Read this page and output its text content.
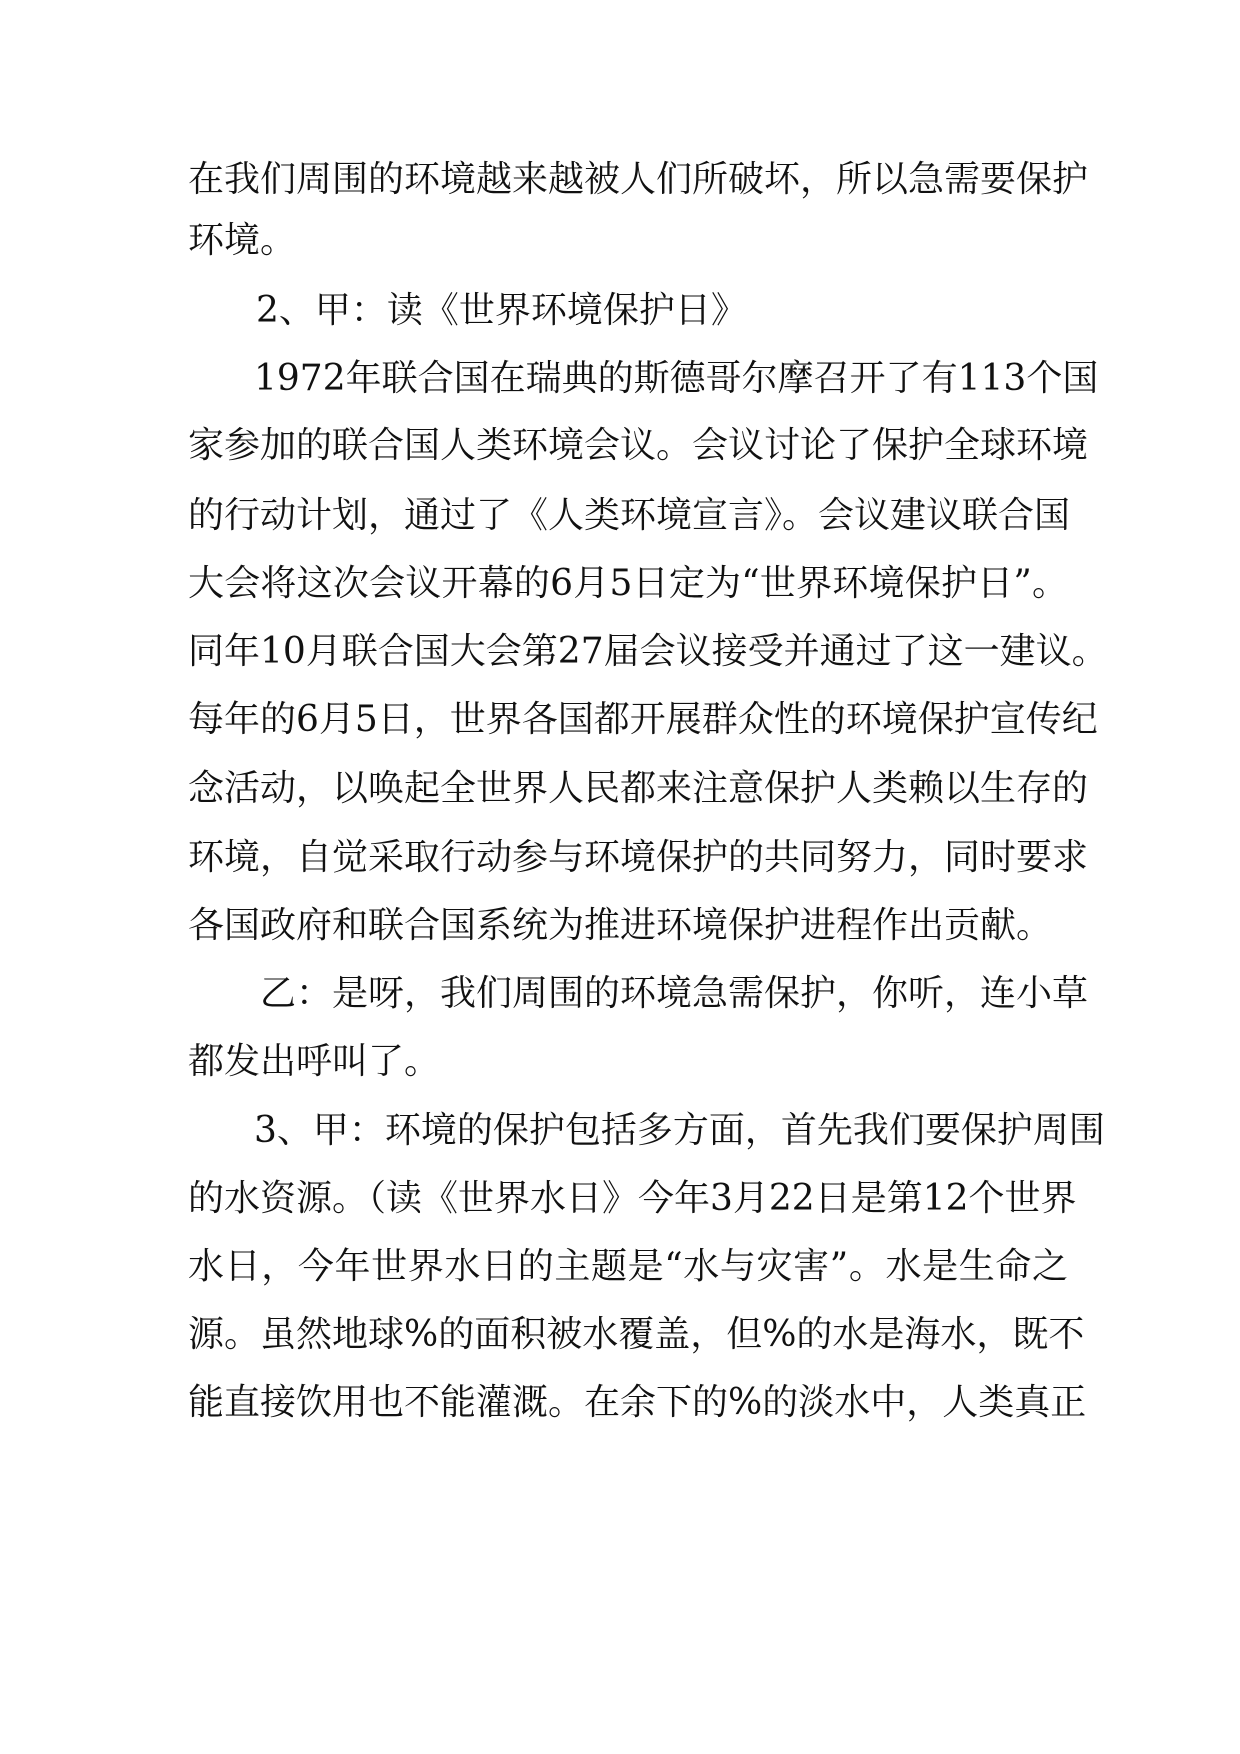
在我们周围的环境越来越被人们所破坏，所以急需要保护
环境。
2、甲：读《世界环境保护日》
1972年联合国在瑞典的斯德哥尔摩召开了有113个国
家参加的联合国人类环境会议。会议讨论了保护全球环境
的行动计划，通过了《人类环境宣言》。会议建议联合国
大会将这次会议开幕的6月5日定为“世界环境保护日”。
同年10月联合国大会第27届会议接受并通过了这一建议。
每年的6月5日，世界各国都开展群众性的环境保护宣传纪
念活动，以唤起全世界人民都来注意保护人类赖以生存的
环境，自觉采取行动参与环境保护的共同努力，同时要求
各国政府和联合国系统为推进环境保护进程作出贡献。
乙：是呀，我们周围的环境急需保护，你听，连小草
都发出呼叫了。
3、甲：环境的保护包括多方面，首先我们要保护周围
的水资源。（读《世界水日》今年3月22日是第12个世界
水日，今年世界水日的主题是“水与灾害”。水是生命之
源。虽然地球%的面积被水覆盖，但%的水是海水，既不
能直接饮用也不能灌溉。在余下的%的淡水中，人类真正
